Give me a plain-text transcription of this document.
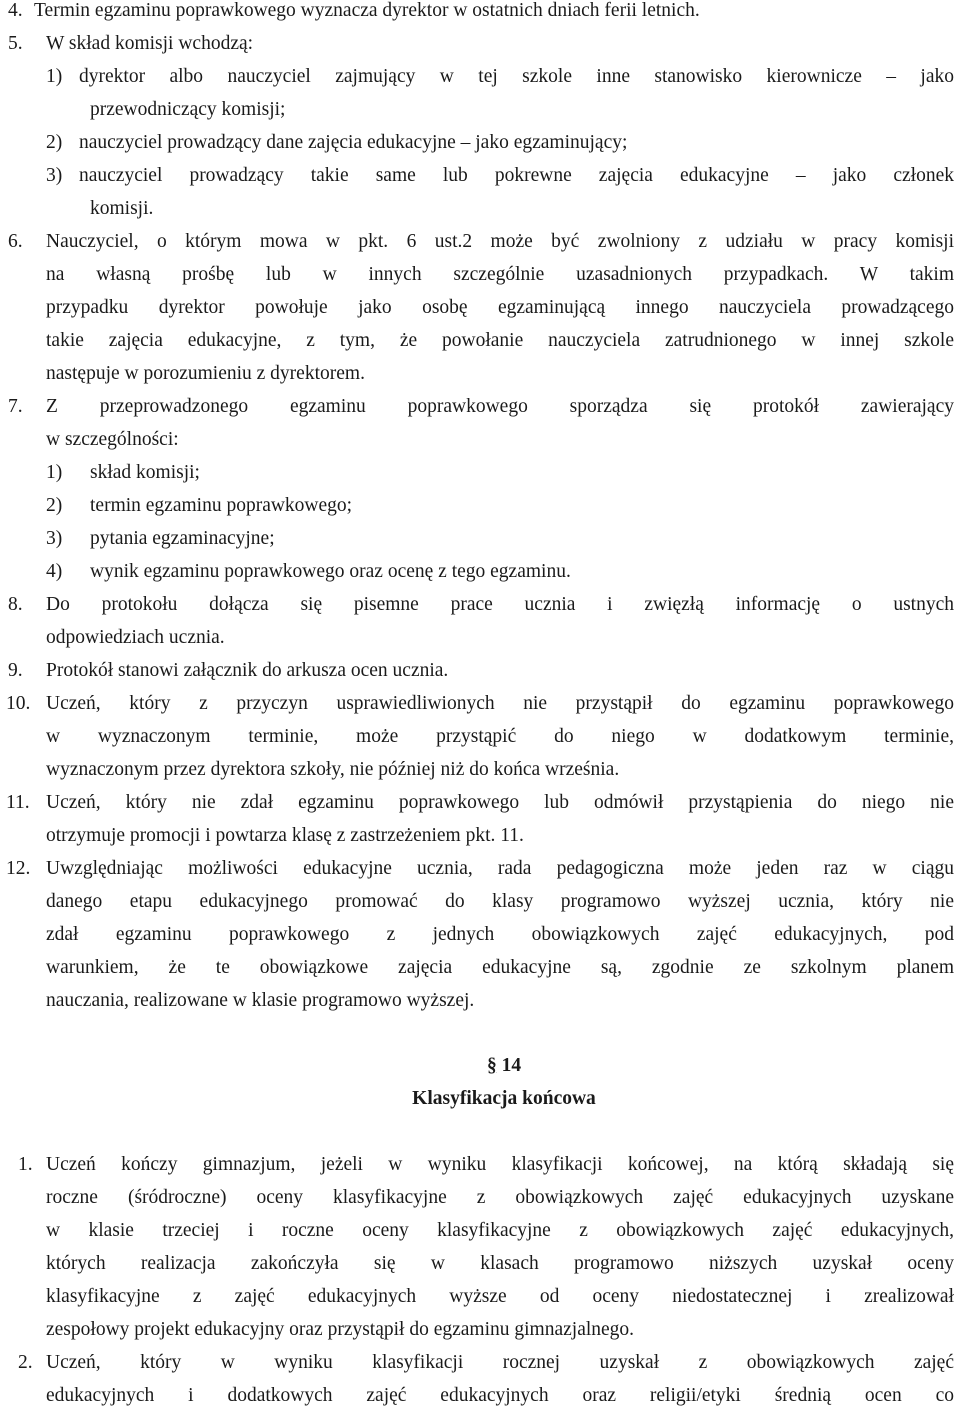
4. Termin egzaminu poprawkowego wyznacza dyrektor w ostatnich dniach ferii letnich.
5. W skład komisji wchodzą:
1) dyrektor albo nauczyciel zajmujący w tej szkole inne stanowisko kierownicze – jako
przewodniczący komisji;
2) nauczyciel prowadzący dane zajęcia edukacyjne – jako egzaminujący;
3) nauczyciel prowadzący takie same lub pokrewne zajęcia edukacyjne – jako członek
komisji.
6. Nauczyciel, o którym mowa w pkt. 6 ust.2 może być zwolniony z udziału w pracy komisji
na własną prośbę lub w innych szczególnie uzasadnionych przypadkach. W takim
przypadku dyrektor powołuje jako osobę egzaminującą innego nauczyciela prowadzącego
takie zajęcia edukacyjne, z tym, że powołanie nauczyciela zatrudnionego w innej szkole
następuje w porozumieniu z dyrektorem.
7. Z przeprowadzonego egzaminu poprawkowego sporządza się protokół zawierający
w szczególności:
1) skład komisji;
2) termin egzaminu poprawkowego;
3) pytania egzaminacyjne;
4) wynik egzaminu poprawkowego oraz ocenę z tego egzaminu.
8. Do protokołu dołącza się pisemne prace ucznia i zwięzłą informację o ustnych
odpowiedziach ucznia.
9. Protokół stanowi załącznik do arkusza ocen ucznia.
10. Uczeń, który z przyczyn usprawiedliwionych nie przystąpił do egzaminu poprawkowego
w wyznaczonym terminie, może przystąpić do niego w dodatkowym terminie,
wyznaczonym przez dyrektora szkoły, nie później niż do końca września.
11. Uczeń, który nie zdał egzaminu poprawkowego lub odmówił przystąpienia do niego nie
otrzymuje promocji i powtarza klasę z zastrzeżeniem pkt. 11.
12. Uwzględniając możliwości edukacyjne ucznia, rada pedagogiczna może jeden raz w ciągu
danego etapu edukacyjnego promować do klasy programowo wyższej ucznia, który nie
zdał egzaminu poprawkowego z jednych obowiązkowych zajęć edukacyjnych, pod
warunkiem, że te obowiązkowe zajęcia edukacyjne są, zgodnie ze szkolnym planem
nauczania, realizowane w klasie programowo wyższej.
§ 14
Klasyfikacja końcowa
1. Uczeń kończy gimnazjum, jeżeli w wyniku klasyfikacji końcowej, na którą składają się
roczne (śródroczne) oceny klasyfikacyjne z obowiązkowych zajęć edukacyjnych uzyskane
w klasie trzeciej i roczne oceny klasyfikacyjne z obowiązkowych zajęć edukacyjnych,
których realizacja zakończyła się w klasach programowo niższych uzyskał oceny
klasyfikacyjne z zajęć edukacyjnych wyższe od oceny niedostatecznej i zrealizował
zespołowy projekt edukacyjny oraz przystąpił do egzaminu gimnazjalnego.
2. Uczeń, który w wyniku klasyfikacji rocznej uzyskał z obowiązkowych zajęć
edukacyjnych i dodatkowych zajęć edukacyjnych oraz religii/etyki średnią ocen co
